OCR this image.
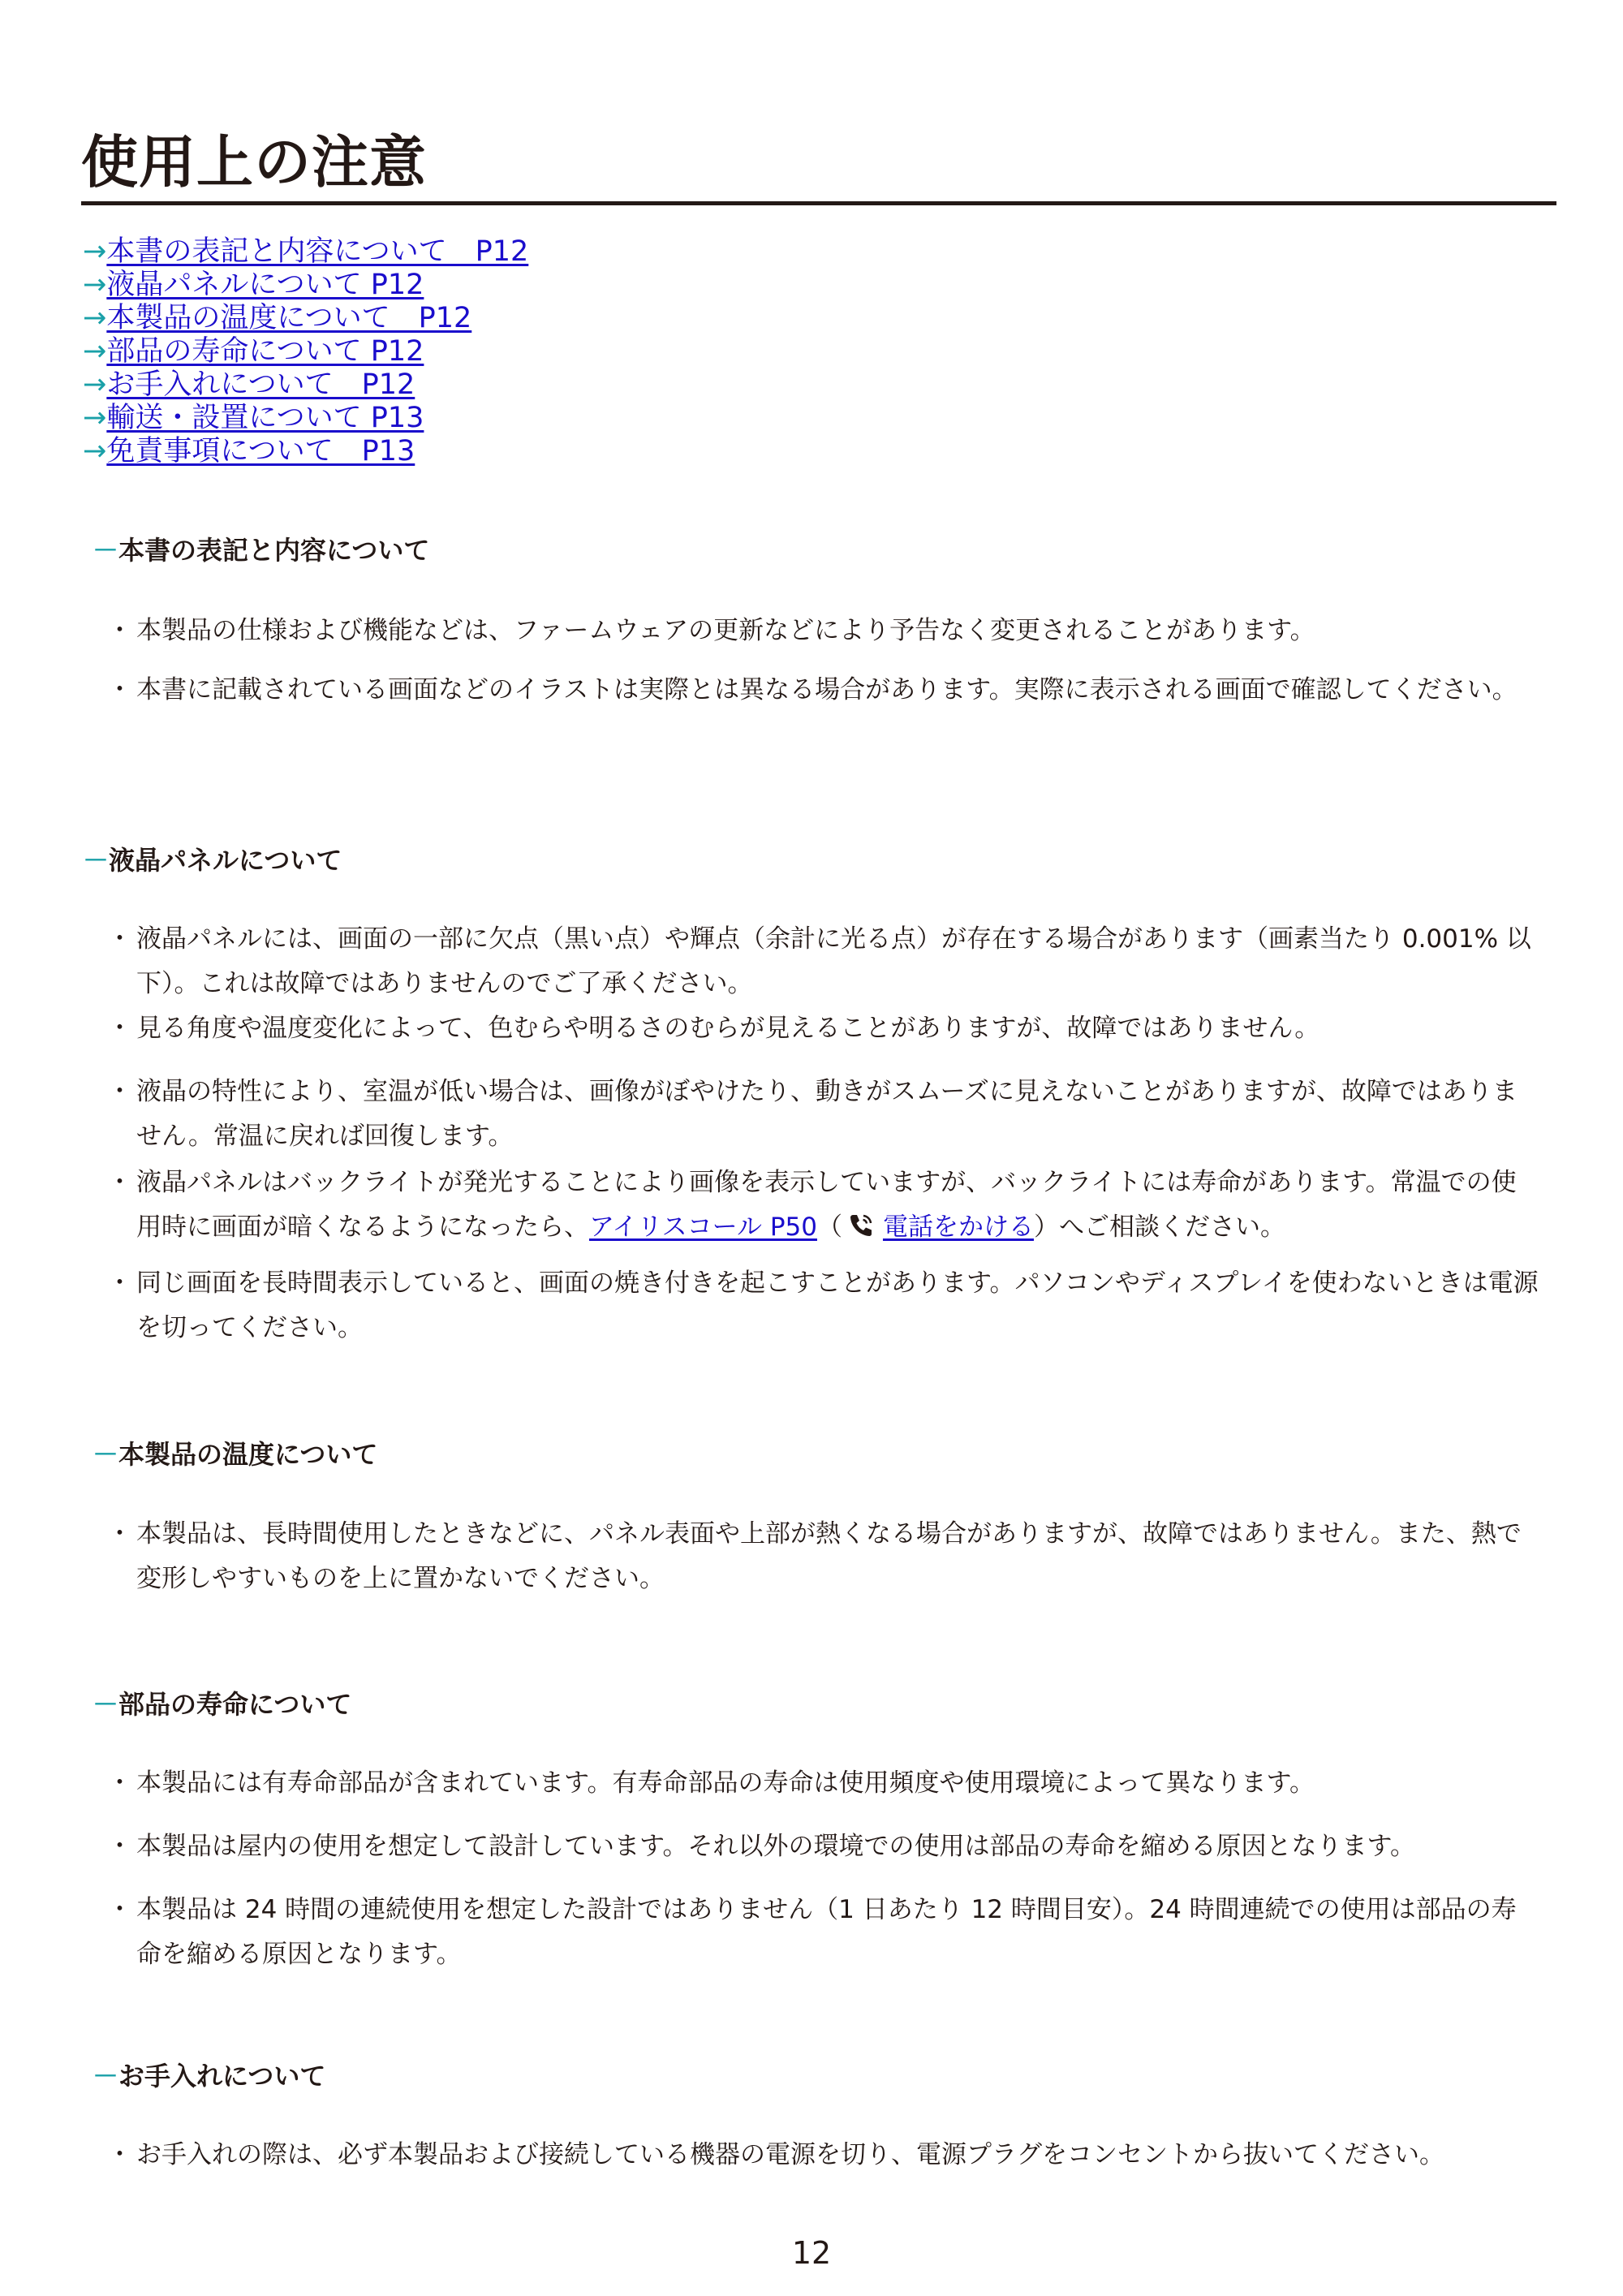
使用上の注意
→本書の表記と内容について　P12
→液晶パネルについて P12
→本製品の温度について　P12
→部品の寿命について P12
→お手入れについて　P12
→輸送・設置について P13
→免責事項について　P13
－本書の表記と内容について
・ 本製品の仕様および機能などは、ファームウェアの更新などにより予告なく変更されることがあります。
・ 本書に記載されている画面などのイラストは実際とは異なる場合があります。実際に表示される画面で確認してください。
－液晶パネルについて
・ 液晶パネルには、画面の一部に欠点（黒い点）や輝点（余計に光る点）が存在する場合があります（画素当たり 0.001% 以下）。これは故障ではありませんのでご了承ください。
・ 見る角度や温度変化によって、色むらや明るさのむらが見えることがありますが、故障ではありません。
・ 液晶の特性により、室温が低い場合は、画像がぼやけたり、動きがスムーズに見えないことがありますが、故障ではありません。常温に戻れば回復します。
・ 液晶パネルはバックライトが発光することにより画像を表示していますが、バックライトには寿命があります。常温での使用時に画面が暗くなるようになったら、アイリスコール P50（ 電話をかける）へご相談ください。
・ 同じ画面を長時間表示していると、画面の焼き付きを起こすことがあります。パソコンやディスプレイを使わないときは電源を切ってください。
－本製品の温度について
・ 本製品は、長時間使用したときなどに、パネル表面や上部が熱くなる場合がありますが、故障ではありません。また、熱で変形しやすいものを上に置かないでください。
－部品の寿命について
・ 本製品には有寿命部品が含まれています。有寿命部品の寿命は使用頻度や使用環境によって異なります。
・ 本製品は屋内の使用を想定して設計しています。それ以外の環境での使用は部品の寿命を縮める原因となります。
・ 本製品は 24 時間の連続使用を想定した設計ではありません（1 日あたり 12 時間目安）。24 時間連続での使用は部品の寿命を縮める原因となります。
－お手入れについて
・ お手入れの際は、必ず本製品および接続している機器の電源を切り、電源プラグをコンセントから抜いてください。
12
